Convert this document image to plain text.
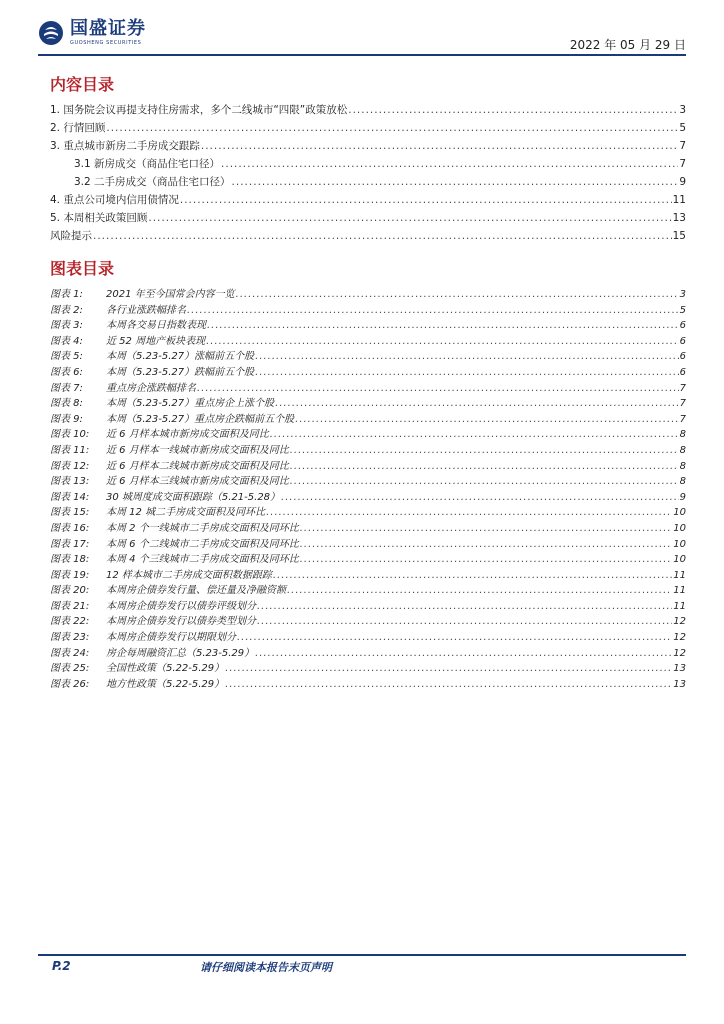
国盛证券
GUOSHENG SECURITIES	2022 年 05 月 29 日
内容目录
1. 国务院会议再提支持住房需求，多个二线城市“四限”政策放松 .....	3
2. 行情回顾 .....	5
3. 重点城市新房二手房成交跟踪 .....	7
3.1 新房成交（商品住宅口径） .....	7
3.2 二手房成交（商品住宅口径） .....	9
4. 重点公司境内信用债情况 .....	11
5. 本周相关政策回顾 .....	13
风险提示 .....	15
图表目录
图表 1:	2021 年至今国常会内容一览 .....	3
图表 2:	各行业涨跌幅排名 .....	5
图表 3:	本周各交易日指数表现 .....	6
图表 4:	近 52 周地产板块表现 .....	6
图表 5:	本周（5.23-5.27）涨幅前五个股 .....	6
图表 6:	本周（5.23-5.27）跌幅前五个股 .....	6
图表 7:	重点房企涨跌幅排名 .....	7
图表 8:	本周（5.23-5.27）重点房企上涨个股 .....	7
图表 9:	本周（5.23-5.27）重点房企跌幅前五个股 .....	7
图表 10:	近 6 月样本城市新房成交面积及同比 .....	8
图表 11:	近 6 月样本一线城市新房成交面积及同比 .....	8
图表 12:	近 6 月样本二线城市新房成交面积及同比 .....	8
图表 13:	近 6 月样本三线城市新房成交面积及同比 .....	8
图表 14:	30 城周度成交面积跟踪（5.21-5.28） .....	9
图表 15:	本周 12 城二手房成交面积及同环比 .....	10
图表 16:	本周 2 个一线城市二手房成交面积及同环比 .....	10
图表 17:	本周 6 个二线城市二手房成交面积及同环比 .....	10
图表 18:	本周 4 个三线城市二手房成交面积及同环比 .....	10
图表 19:	12 样本城市二手房成交面积数据跟踪 .....	11
图表 20:	本周房企债券发行量、偿还量及净融资额 .....	11
图表 21:	本周房企债券发行以债券评级划分 .....	11
图表 22:	本周房企债券发行以债券类型划分 .....	12
图表 23:	本周房企债券发行以期限划分 .....	12
图表 24:	房企每周融资汇总（5.23-5.29） .....	12
图表 25:	全国性政策（5.22-5.29） .....	13
图表 26:	地方性政策（5.22-5.29） .....	13
P.2	请仔细阅读本报告末页声明
